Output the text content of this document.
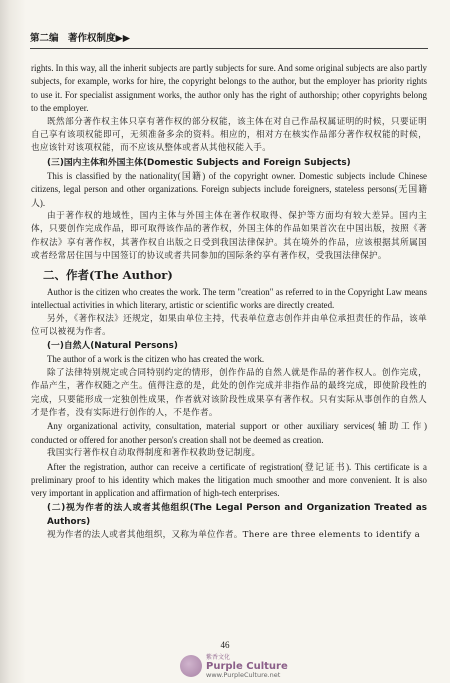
第二编　著作权制度▶▶

rights. In this way, all the inherit subjects are partly subjects for sure. And some original subjects are also partly subjects, for example, works for hire, the copyright belongs to the author, but the employer has priority rights to use it. For specialist assignment works, the author only has the right of authorship; other copyrights belong to the employer.

既然部分著作权主体只享有著作权的部分权能，该主体在对自己作品权属证明的时候，只要证明自己享有该项权能即可，无须准备多余的资料。相应的，相对方在核实作品部分著作权权能的时候，也应该针对该项权能，而不应该从整体或者从其他权能入手。

(三)国内主体和外国主体(Domestic Subjects and Foreign Subjects)

This is classified by the nationality(国籍) of the copyright owner. Domestic subjects include Chinese citizens, legal person and other organizations. Foreign subjects include foreigners, stateless persons(无国籍人).

由于著作权的地域性，国内主体与外国主体在著作权取得、保护等方面均有较大差异。国内主体，只要创作完成作品，即可取得该作品的著作权，外国主体的作品如果首次在中国出版，按照《著作权法》享有著作权，其著作权自出版之日受到我国法律保护。其在境外的作品，应该根据其所属国或者经常居住国与中国签订的协议或者共同参加的国际条约享有著作权，受我国法律保护。

二、作者(The Author)

Author is the citizen who creates the work. The term "creation" as referred to in the Copyright Law means intellectual activities in which literary, artistic or scientific works are directly created.

另外，《著作权法》还规定，如果由单位主持，代表单位意志创作并由单位承担责任的作品，该单位可以被视为作者。

(一)自然人(Natural Persons)

The author of a work is the citizen who has created the work.

除了法律特别规定或合同特别约定的情形，创作作品的自然人就是作品的著作权人。创作完成，作品产生，著作权随之产生。值得注意的是，此处的创作完成并非指作品的最终完成，即使阶段性的完成，只要能形成一定独创性成果，作者就对该阶段性成果享有著作权。只有实际从事创作的自然人才是作者，没有实际进行创作的人，不是作者。

Any organizational activity, consultation, material support or other auxiliary services(辅助工作) conducted or offered for another person's creation shall not be deemed as creation.

我国实行著作权自动取得制度和著作权救助登记制度。

After the registration, author can receive a certificate of registration(登记证书). This certificate is a preliminary proof to his identity which makes the litigation much smoother and more convenient. It is also very important in application and affirmation of high-tech enterprises.

(二)视为作者的法人或者其他组织(The Legal Person and Organization Treated as Authors)

视为作者的法人或者其他组织，又称为单位作者。There are three elements to identify a

46
紫香文化
Purple Culture
www.PurpleCulture.net
